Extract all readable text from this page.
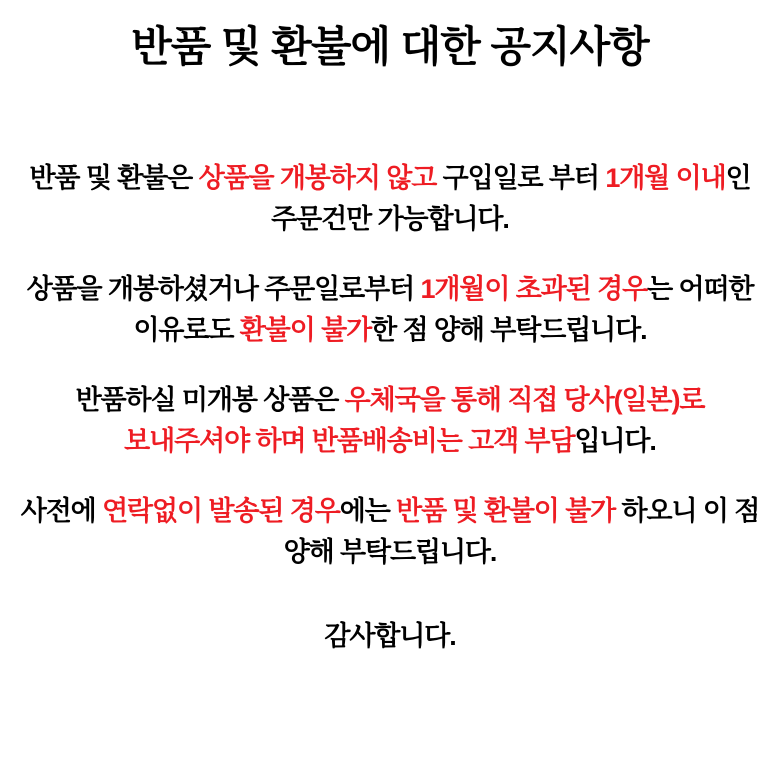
반품 및 환불에 대한 공지사항

반품 및 환불은 상품을 개봉하지 않고 구입일로 부터 1개월 이내인 주문건만 가능합니다.

상품을 개봉하셨거나 주문일로부터 1개월이 초과된 경우는 어떠한 이유로도 환불이 불가한 점 양해 부탁드립니다.

반품하실 미개봉 상품은 우체국을 통해 직접 당사(일본)로 보내주셔야 하며 반품배송비는 고객 부담입니다.

사전에 연락없이 발송된 경우에는 반품 및 환불이 불가 하오니 이 점 양해 부탁드립니다.

감사합니다.
